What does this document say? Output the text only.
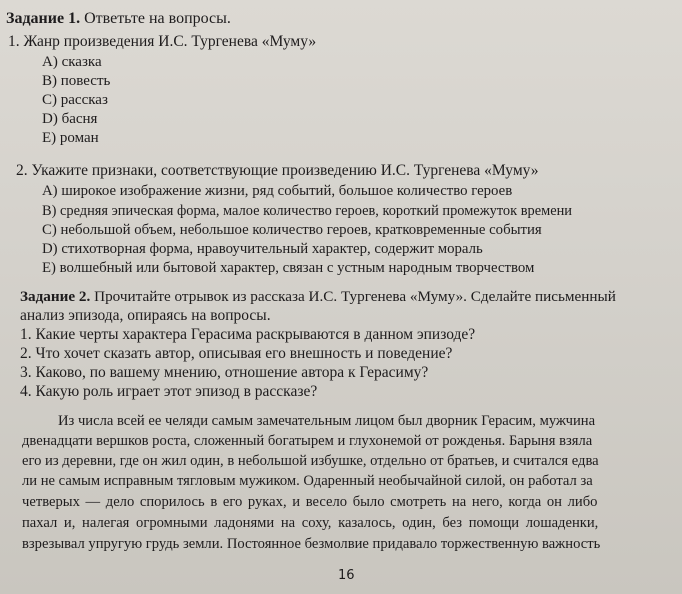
Задание 1. Ответьте на вопросы.
1. Жанр произведения И.С. Тургенева «Муму»
А) сказка
В) повесть
С) рассказ
D) басня
Е) роман
2. Укажите признаки, соответствующие произведению И.С. Тургенева «Муму»
А) широкое изображение жизни, ряд событий, большое количество героев
В) средняя эпическая форма, малое количество героев, короткий промежуток времени
С) небольшой объем, небольшое количество героев, кратковременные события
D) стихотворная форма, нравоучительный характер, содержит мораль
Е) волшебный или бытовой характер, связан с устным народным творчеством
Задание 2. Прочитайте отрывок из рассказа И.С. Тургенева «Муму». Сделайте письменный
анализ эпизода, опираясь на вопросы.
1. Какие черты характера Герасима раскрываются в данном эпизоде?
2. Что хочет сказать автор, описывая его внешность и поведение?
3. Каково, по вашему мнению, отношение автора к Герасиму?
4. Какую роль играет этот эпизод в рассказе?
Из числа всей ее челяди самым замечательным лицом был дворник Герасим, мужчина
двенадцати вершков роста, сложенный богатырем и глухонемой от рожденья. Барыня взяла
его из деревни, где он жил один, в небольшой избушке, отдельно от братьев, и считался едва
ли не самым исправным тягловым мужиком. Одаренный необычайной силой, он работал за
четверых — дело спорилось в его руках, и весело было смотреть на него, когда он либо
пахал и, налегая огромными ладонями на соху, казалось, один, без помощи лошаденки,
взрезывал упругую грудь земли. Постоянное безмолвие придавало торжественную важность
16
